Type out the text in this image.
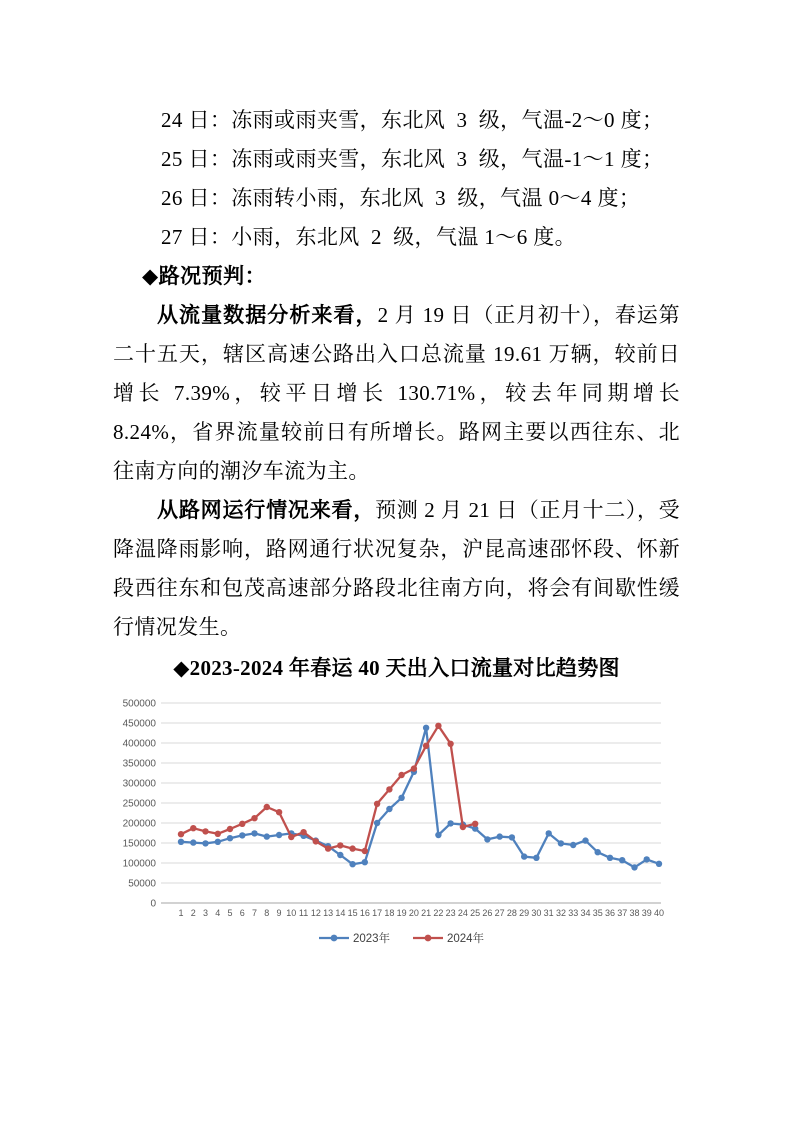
24 日：冻雨或雨夹雪，东北风  3  级，气温-2～0 度；
25 日：冻雨或雨夹雪，东北风  3  级，气温-1～1 度；
26 日：冻雨转小雨，东北风  3  级，气温 0～4 度；
27 日：小雨，东北风  2  级，气温 1～6 度。
◆路况预判：

从流量数据分析来看，2 月 19 日（正月初十），春运第二十五天，辖区高速公路出入口总流量 19.61 万辆，较前日增长 7.39%，较平日增长 130.71%，较去年同期增长 8.24%，省界流量较前日有所增长。路网主要以西往东、北往南方向的潮汐车流为主。

从路网运行情况来看，预测 2 月 21 日（正月十二），受降温降雨影响，路网通行状况复杂，沪昆高速邵怀段、怀新段西往东和包茂高速部分路段北往南方向，将会有间歇性缓行情况发生。

◆2023-2024 年春运 40 天出入口流量对比趋势图
0
50000
100000
150000
200000
250000
300000
350000
400000
450000
500000
1 2 3 4 5 6 7 8 9 10 11 12 13 14 15 16 17 18 19 20 21 22 23 24 25 26 27 28 29 30 31 32 33 34 35 36 37 38 39 40
2023年	2024年
